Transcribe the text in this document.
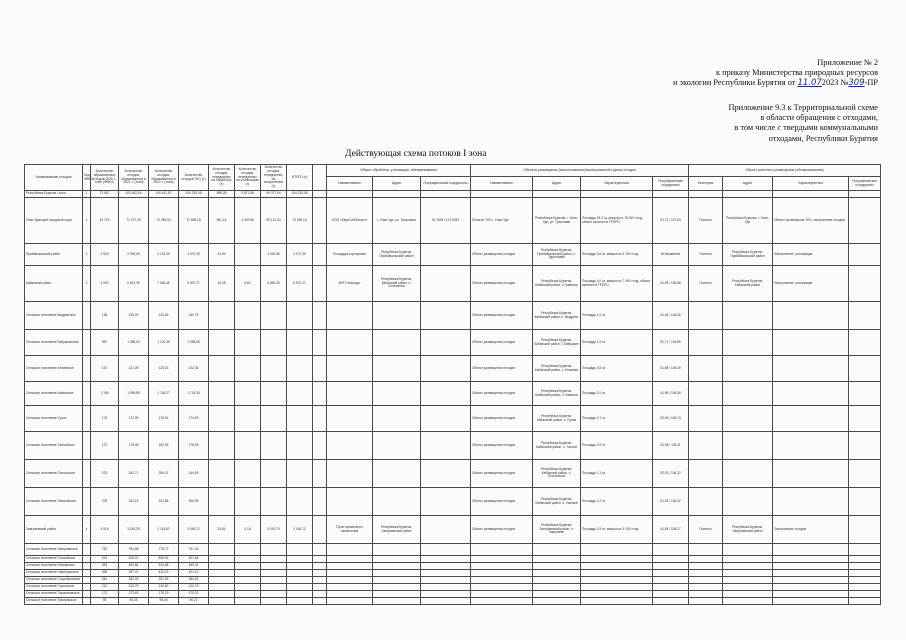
Приложение № 2
к приказу Министерства природных ресурсов
и экологии Республики Бурятия от 11.072023 №309-ПР
Приложение 9.3 к Территориальной схеме
в области обращения с отходами,
в том числе с твердыми коммунальными
отходами, Республики Бурятия
Действующая схема потоков I зона
Наименование отходов	Код ФККО	Количество образованных отходов 2020 г., тонн (ФККО)	Количество отходов, образованных в 2021 г. (тонн)	Количество отходов, образованных в 2022 г. (тонн)	Количество отходов ТКО (т)	Количество отходов, переданных на обработку (т)	Количество отходов, переданных на утилизацию (т)	Количество отходов, переданных на захоронение (т)	ИТОГО (т)		Объект обработки, утилизации, обезвреживания			Объекты размещения (использования) вышеуказанной группы отходов				Объект конечного размещения (обезвреживания)			
											Наименование	Адрес	Географические координаты	Наименование	Адрес	Характеристика	Географические координаты	Категория	Адрес	Характеристика	Географические координаты
Республика Бурятия I зона	1	73 567	103 462,54	106 611,52	104 235,08	985,28	3 871,86	99 377,94	104 235,08												
Улан-Удэнский городской округ	1	43 719	72 107,25	74 395,54	72 695,18	561,16	3 002,68	69 131,34	72 695,18		ООО «ЕвроСибЭнерго»	г. Улан-Удэ, ул. Трактовая	51,7649 / 107,5343	Полигон ТКО г. Улан-Удэ	Республика Бурятия, г. Улан-Удэ, ул. Трактовая	Площадь 18,2 га, мощность 75 000 т/год, объект включен в ГРОРО	51,72 / 107,63	Полигон	Республика Бурятия, г. Улан-Удэ	Объект размещения ТКО, захоронение отходов	
Прибайкальский район	2	2 926	2 994,55	3 131,09	3 072,39	41,50		3 030,89	3 072,39		Площадка сортировки	Республика Бурятия, Прибайкальский район		Объект размещения отходов	Республика Бурятия, Прибайкальский район, с. Турунтаево	Площадь 3,8 га, мощность 3 100 т/год	Не выявлено	Полигон	Республика Бурятия, Прибайкальский район	Захоронение, утилизация	
Кабанский район	3	4 053	6 841,39	7 064,45	6 907,27	18,28	6,63	6 882,36	6 907,27		МУП «Каскад»	Республика Бурятия, Кабанский район, п. Селенгинск		Объект размещения отходов	Республика Бурятия, Кабанский район, п. Каменск	Площадь 4,0 га, мощность 7 000 т/год, объект включен в ГРОРО	51,99 / 106,58	Полигон	Республика Бурятия, Кабанский район	Захоронение, утилизация	
Сельское поселение Выдринское		138	139,20	143,65	140,79									Объект размещения отходов	Республика Бурятия, Кабанский район, п. Выдрино	Площадь 1,0 га	51,45 / 104,66				
Сельское поселение Бабушкинское		987	1 085,63	1 120,35	1 095,68									Объект размещения отходов	Республика Бурятия, Кабанский район, г. Бабушкин	Площадь 1,5 га	51,71 / 105,86				
Сельское поселение Клюевское		120	121,28	125,16	122,36									Объект размещения отходов	Республика Бурятия, Кабанский район, с. Клюевка	Площадь 0,8 га	51,58 / 105,49				
Сельское поселение Каменское		1 195	1 699,89	1 754,27	1 715,39									Объект размещения отходов	Республика Бурятия, Кабанский район, п. Каменск	Площадь 2,0 га	51,98 / 106,58				
Сельское поселение Сухое		176	172,99	178,52	174,52									Объект размещения отходов	Республика Бурятия, Кабанский район, с. Сухая	Площадь 0,7 га	52,06 / 106,13				
Сельское поселение Танхойское		172	176,45	182,09	178,06									Объект размещения отходов	Республика Бурятия, Кабанский район, п. Танхой	Площадь 0,9 га	51,55 / 105,11				
Сельское поселение Посольское		223	242,71	250,47	244,93									Объект размещения отходов	Республика Бурятия, Кабанский район, с. Посольское	Площадь 1,1 га	52,03 / 106,22				
Сельское поселение Тимлюйское		278	304,15	313,88	306,96									Объект размещения отходов	Республика Бурятия, Кабанский район, п. Тимлюй	Площадь 1,2 га	51,93 / 106,42				
Заиграевский район	4	3 016	3 018,29	3 114,87	3 045,72	25,84	0,18	3 019,70	3 045,72		Пункт временного накопления	Республика Бурятия, Заиграевский район		Объект размещения отходов	Республика Бурятия, Заиграевский район, п. Заиграево	Площадь 2,5 га, мощность 3 200 т/год	51,83 / 108,27	Полигон	Республика Бурятия, Заиграевский район	Захоронение отходов	
Сельское поселение Заиграевское		752	754,58	778,72	761,43																
Сельское поселение Онохойское		614	616,21	635,93	621,86																
Сельское поселение Илькинское		493	494,84	510,68	499,31																
Сельское поселение Новобрянское		396	397,47	410,19	401,10																
Сельское поселение Старобрянское		281	282,03	291,05	284,62																
Сельское поселение Горхонское		212	212,79	219,60	214,73																
Сельское поселение Таракановское		173	173,63	179,19	175,22																
Сельское поселение Эрхирикское		95	95,35	98,40	96,22																
